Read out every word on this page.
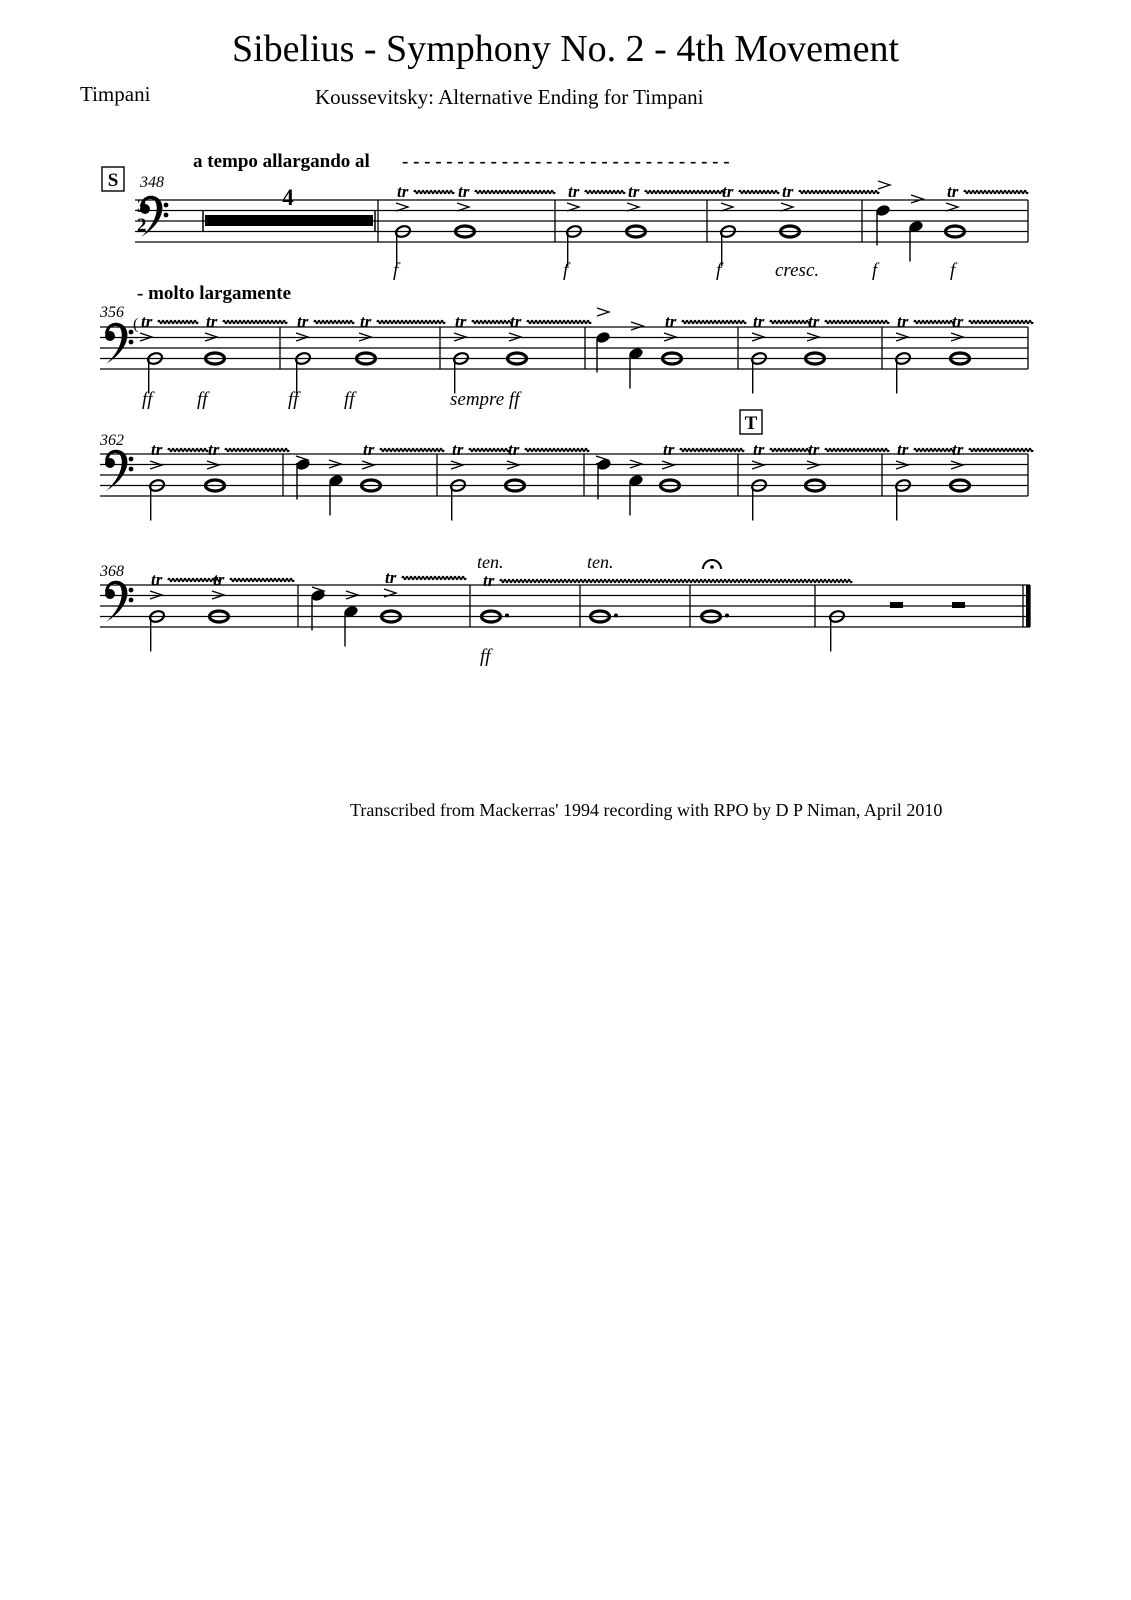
Sibelius - Symphony No. 2 - 4th Movement
Timpani	Koussevitsky: Alternative Ending for Timpani
Transcribed from Mackerras' 1994 recording with RPO by D P Niman, April 2010
3
2
S 348
a tempo allargando al - - - - - - - - - - - - - - - - - - - - - - - - - - - - - -
4	tr	tr	tr	tr	tr	tr	tr
f	f	f	cresc.	f	f
356
- molto largamente
( tr	tr	tr	tr	tr	tr	tr	tr	tr	tr	tr
ff ff	ff ff	sempre ff
362
T
tr	tr	tr	tr	tr	tr	tr	tr	tr	tr
368 tr	tr	tr
ten.
tr
ten.
ff
